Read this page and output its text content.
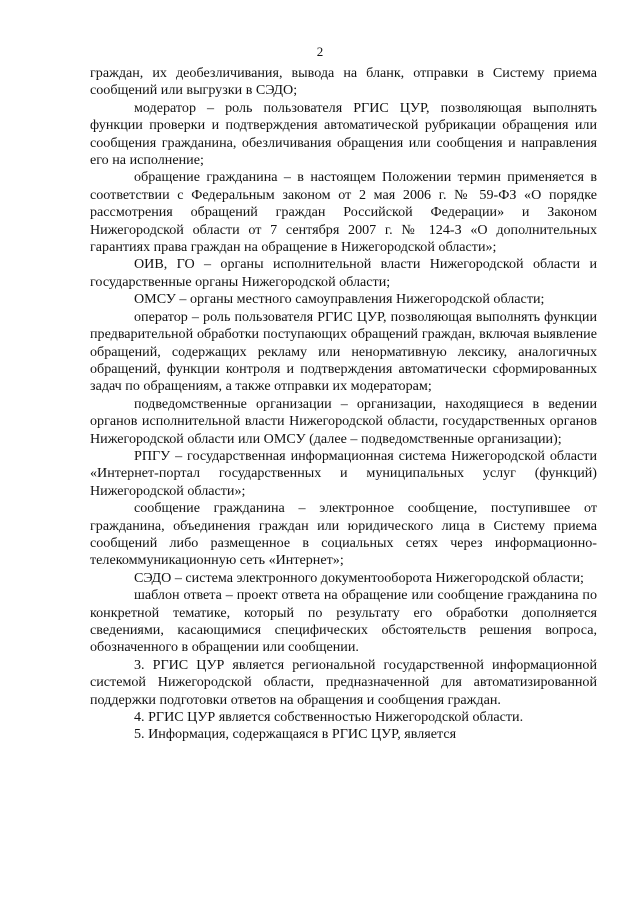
2

граждан, их деобезличивания, вывода на бланк, отправки в Систему приема сообщений или выгрузки в СЭДО;

модератор – роль пользователя РГИС ЦУР, позволяющая выполнять функции проверки и подтверждения автоматической рубрикации обращения или сообщения гражданина, обезличивания обращения или сообщения и направления его на исполнение;

обращение гражданина – в настоящем Положении термин применяется в соответствии с Федеральным законом от 2 мая 2006 г. № 59-ФЗ «О порядке рассмотрения обращений граждан Российской Федерации» и Законом Нижегородской области от 7 сентября 2007 г. № 124-З «О дополнительных гарантиях права граждан на обращение в Нижегородской области»;

ОИВ, ГО – органы исполнительной власти Нижегородской области и государственные органы Нижегородской области;

ОМСУ – органы местного самоуправления Нижегородской области;

оператор – роль пользователя РГИС ЦУР, позволяющая выполнять функции предварительной обработки поступающих обращений граждан, включая выявление обращений, содержащих рекламу или ненормативную лексику, аналогичных обращений, функции контроля и подтверждения автоматически сформированных задач по обращениям, а также отправки их модераторам;

подведомственные организации – организации, находящиеся в ведении органов исполнительной власти Нижегородской области, государственных органов Нижегородской области или ОМСУ (далее – подведомственные организации);

РПГУ – государственная информационная система Нижегородской области «Интернет-портал государственных и муниципальных услуг (функций) Нижегородской области»;

сообщение гражданина – электронное сообщение, поступившее от гражданина, объединения граждан или юридического лица в Систему приема сообщений либо размещенное в социальных сетях через информационно-телекоммуникационную сеть «Интернет»;

СЭДО – система электронного документооборота Нижегородской области;

шаблон ответа – проект ответа на обращение или сообщение гражданина по конкретной тематике, который по результату его обработки дополняется сведениями, касающимися специфических обстоятельств решения вопроса, обозначенного в обращении или сообщении.

3. РГИС ЦУР является региональной государственной информационной системой Нижегородской области, предназначенной для автоматизированной поддержки подготовки ответов на обращения и сообщения граждан.

4. РГИС ЦУР является собственностью Нижегородской области.

5. Информация, содержащаяся в РГИС ЦУР, является
